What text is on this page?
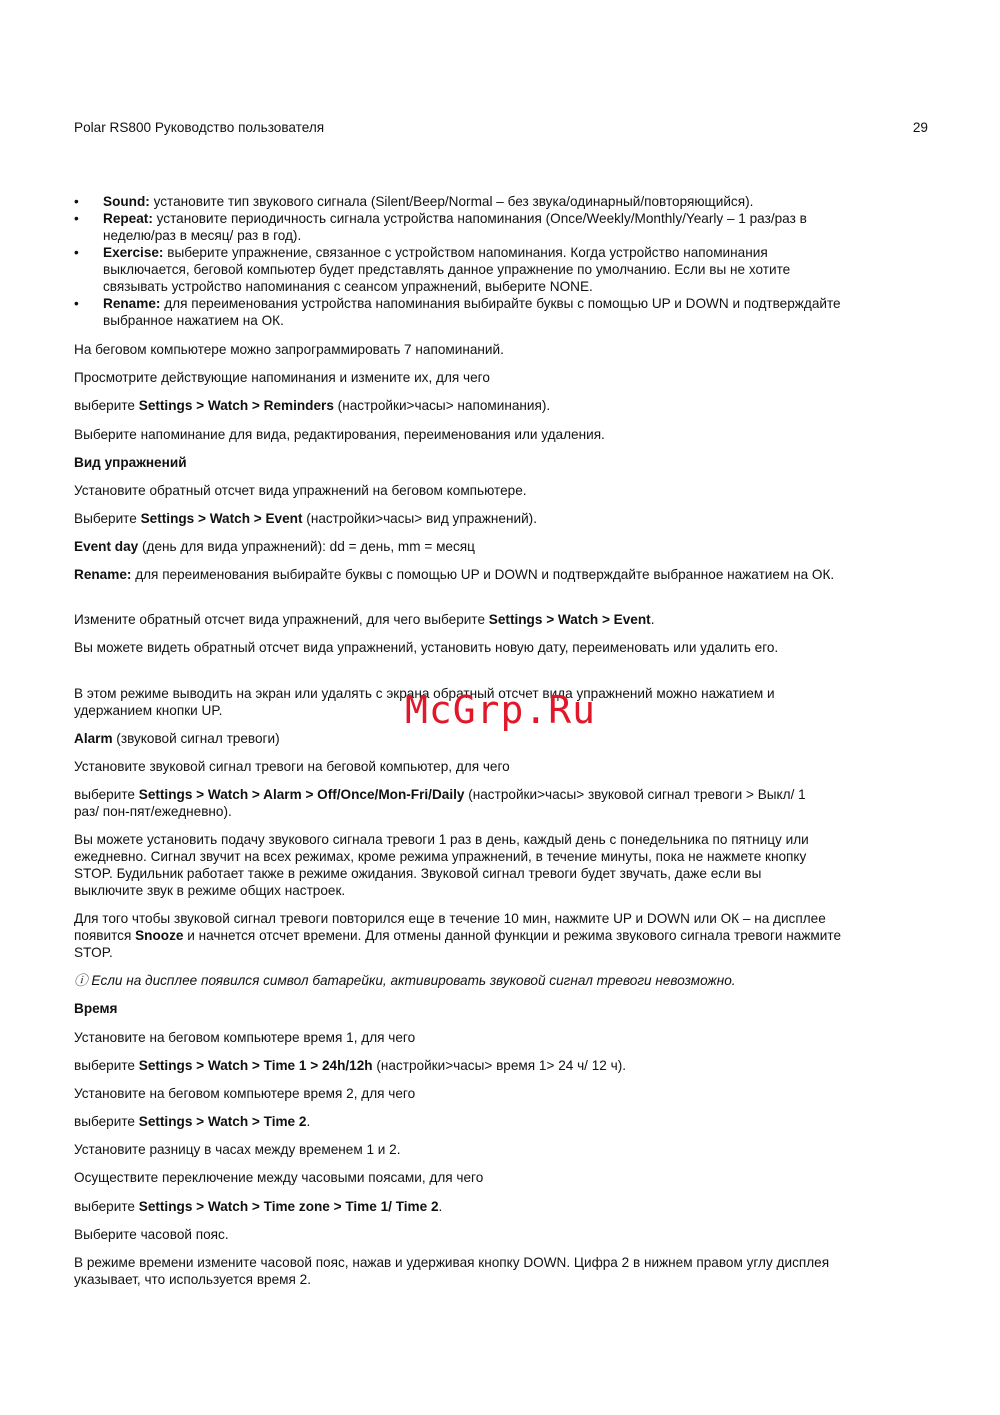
Polar RS800 Руководство пользователя	29
• Sound: установите тип звукового сигнала (Silent/Beep/Normal – без звука/одинарный/повторяющийся).
• Repeat: установите периодичность сигнала устройства напоминания (Once/Weekly/Monthly/Yearly – 1 раз/раз в неделю/раз в месяц/ раз в год).
• Exercise: выберите упражнение, связанное с устройством напоминания. Когда устройство напоминания выключается, беговой компьютер будет представлять данное упражнение по умолчанию. Если вы не хотите связывать устройство напоминания с сеансом упражнений, выберите NONE.
• Rename: для переименования устройства напоминания выбирайте буквы с помощью UP и DOWN и подтверждайте выбранное нажатием на ОК.

На беговом компьютере можно запрограммировать 7 напоминаний.

Просмотрите действующие напоминания и измените их, для чего

выберите Settings > Watch > Reminders (настройки>часы> напоминания).

Выберите напоминание для вида, редактирования, переименования или удаления.

Вид упражнений

Установите обратный отсчет вида упражнений на беговом компьютере.

Выберите Settings > Watch > Event (настройки>часы> вид упражнений).

Event day (день для вида упражнений): dd = день, mm = месяц

Rename: для переименования выбирайте буквы с помощью UP и DOWN и подтверждайте выбранное нажатием на ОК.

Измените обратный отсчет вида упражнений, для чего выберите Settings > Watch > Event.

Вы можете видеть обратный отсчет вида упражнений, установить новую дату, переименовать или удалить его.

В этом режиме выводить на экран или удалять с экрана обратный отсчет вида упражнений можно нажатием и удержанием кнопки UP.

Alarm (звуковой сигнал тревоги)

Установите звуковой сигнал тревоги на беговой компьютер, для чего

выберите Settings > Watch > Alarm > Off/Once/Mon-Fri/Daily (настройки>часы> звуковой сигнал тревоги > Выкл/ 1 раз/ пон-пят/ежедневно).

Вы можете установить подачу звукового сигнала тревоги 1 раз в день, каждый день с понедельника по пятницу или ежедневно. Сигнал звучит на всех режимах, кроме режима упражнений, в течение минуты, пока не нажмете кнопку STOP. Будильник работает также в режиме ожидания. Звуковой сигнал тревоги будет звучать, даже если вы выключите звук в режиме общих настроек.

Для того чтобы звуковой сигнал тревоги повторился еще в течение 10 мин, нажмите UP и DOWN или ОК – на дисплее появится Snooze и начнется отсчет времени. Для отмены данной функции и режима звукового сигнала тревоги нажмите STOP.

ⓘ Если на дисплее появился символ батарейки, активировать звуковой сигнал тревоги невозможно.

Время

Установите на беговом компьютере время 1, для чего

выберите Settings > Watch > Time 1 > 24h/12h (настройки>часы> время 1> 24 ч/ 12 ч).

Установите на беговом компьютере время 2, для чего

выберите Settings > Watch > Time 2.

Установите разницу в часах между временем 1 и 2.

Осуществите переключение между часовыми поясами, для чего

выберите Settings > Watch > Time zone > Time 1/ Time 2.

Выберите часовой пояс.

В режиме времени измените часовой пояс, нажав и удерживая кнопку DOWN. Цифра 2 в нижнем правом углу дисплея указывает, что используется время 2.

McGrp.Ru
